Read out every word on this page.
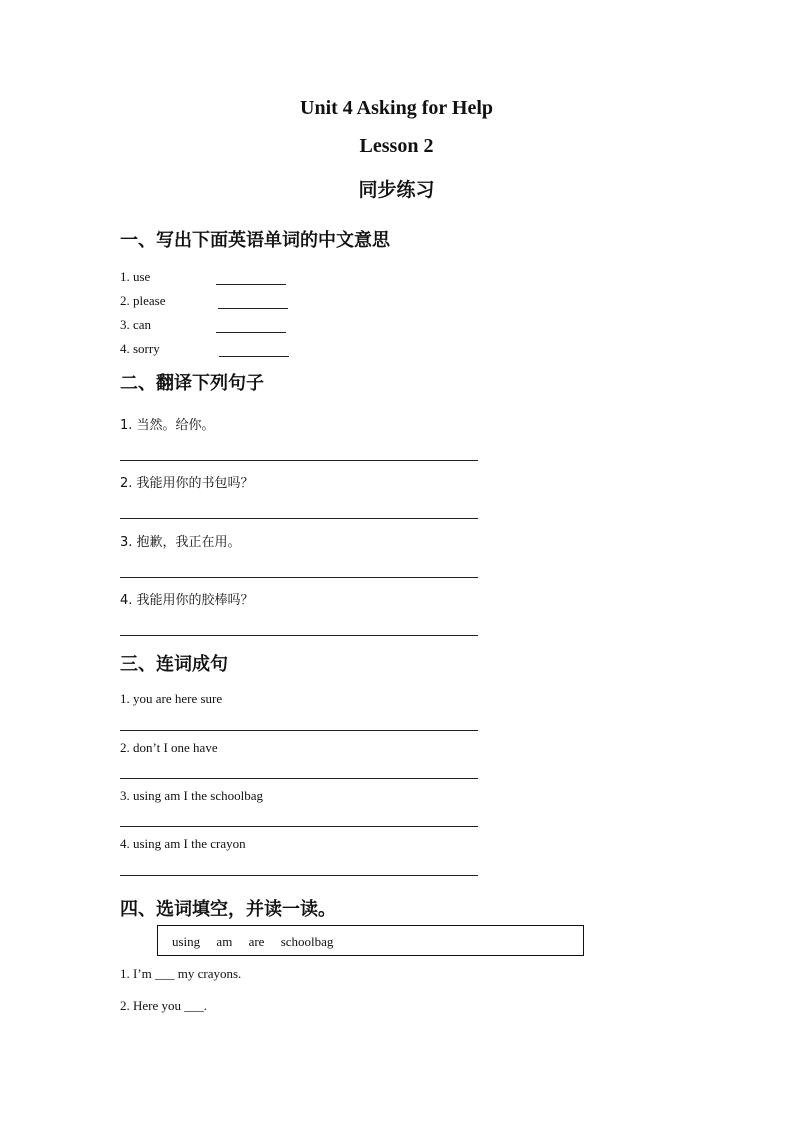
Unit 4 Asking for Help
Lesson 2
同步练习
一、写出下面英语单词的中文意思
1. use
2. please
3. can
4. sorry
二、翻译下列句子
1. 当然。给你。
2. 我能用你的书包吗？
3. 抱歉，我正在用。
4. 我能用你的胶棒吗？
三、连词成句
1. you are here sure
2. don’t I one have
3. using am I the schoolbag
4. using am I the crayon
四、选词填空，并读一读。
using am are schoolbag
1. I’m ___ my crayons.
2. Here you ___.
